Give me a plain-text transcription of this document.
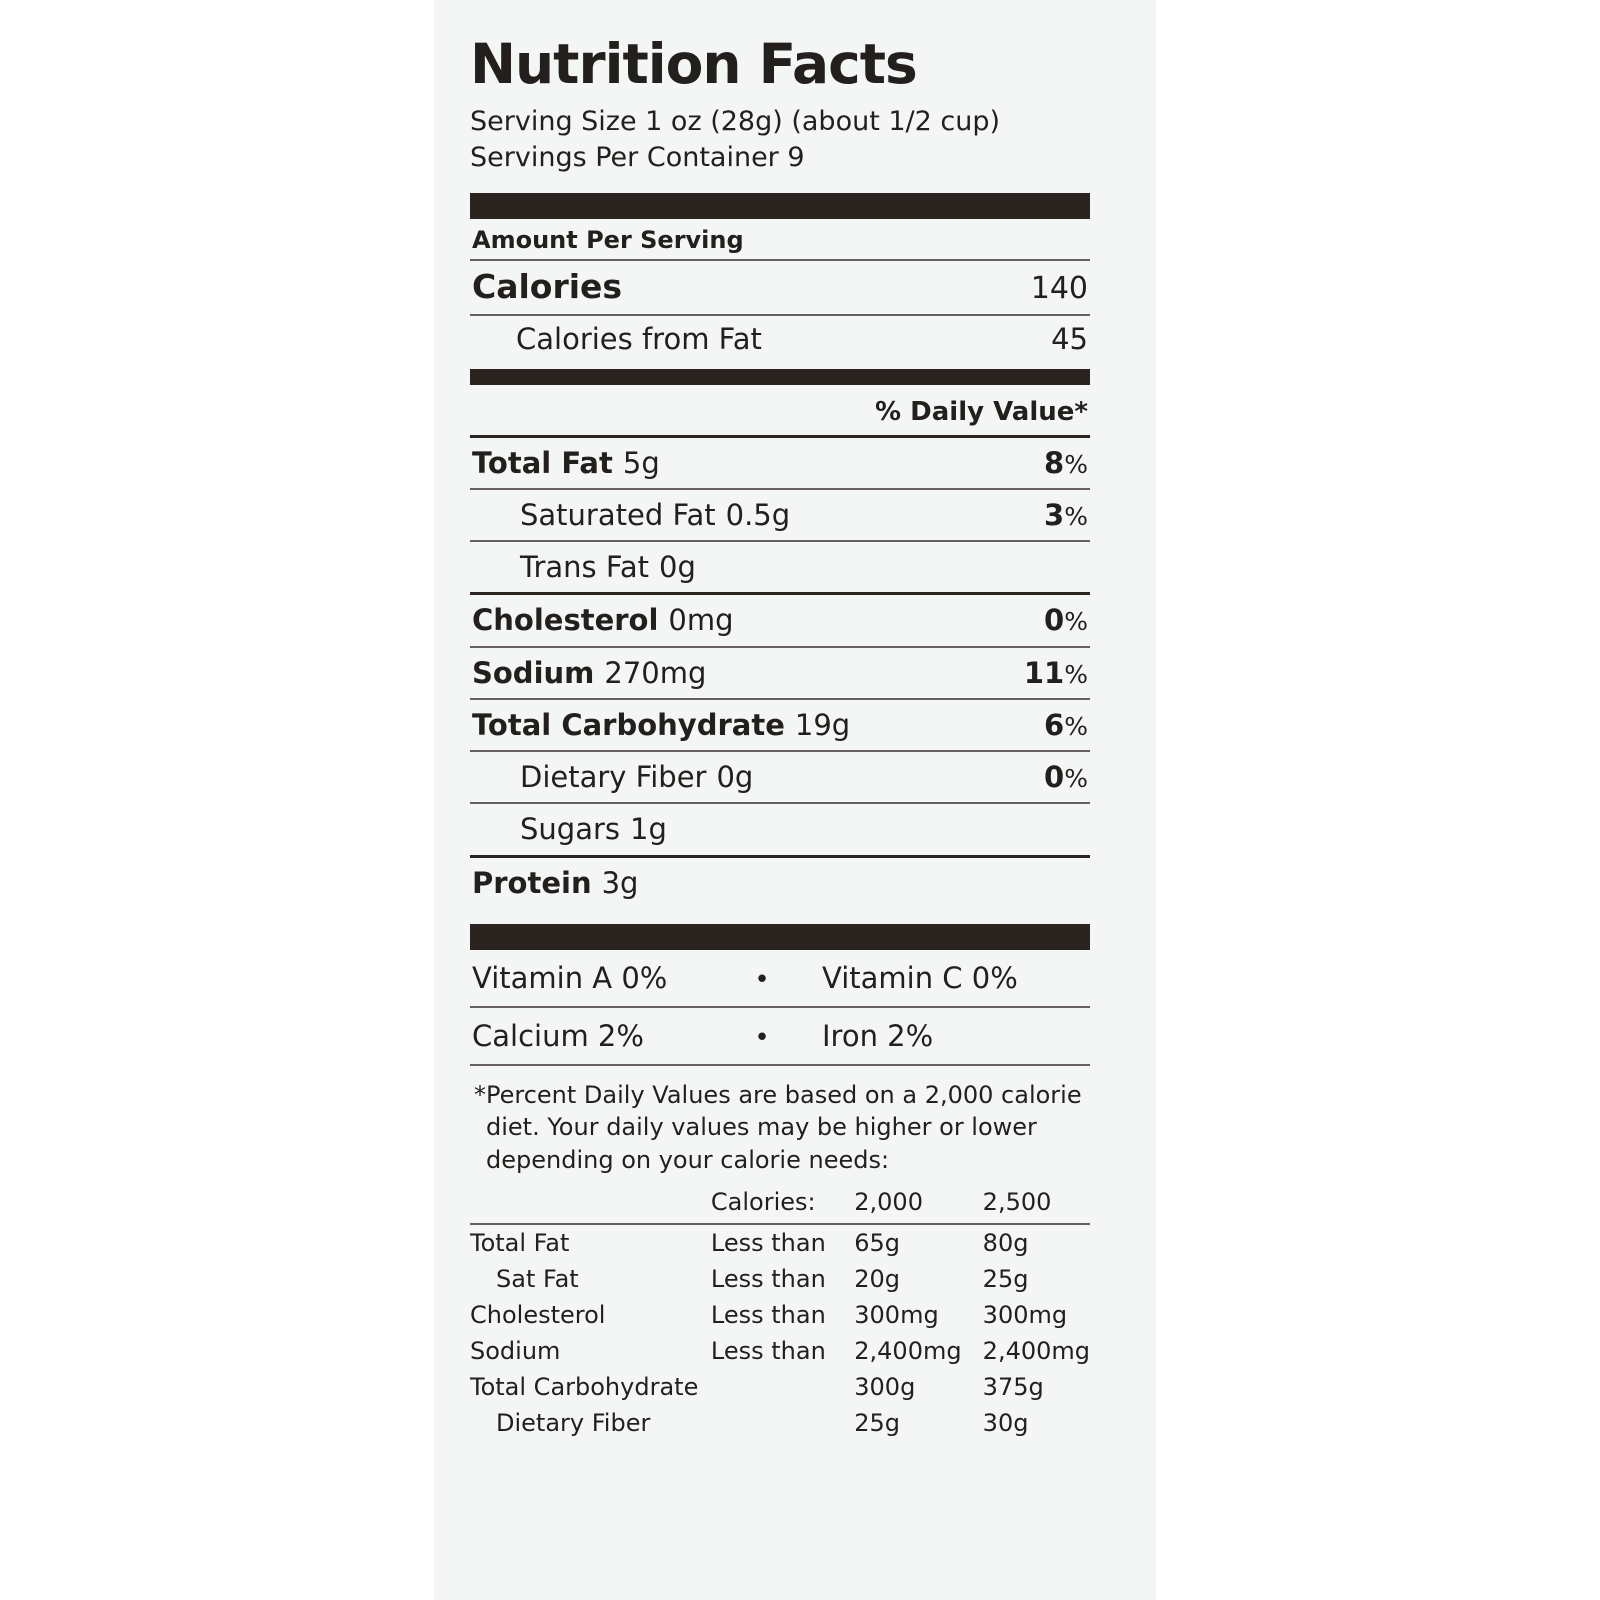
Nutrition Facts
Serving Size 1 oz (28g) (about 1/2 cup)
Servings Per Container 9
Amount Per Serving
Calories	140
Calories from Fat	45
% Daily Value*
Total Fat 5g	8%
Saturated Fat 0.5g	3%
Trans Fat 0g
Cholesterol 0mg	0%
Sodium 270mg	11%
Total Carbohydrate 19g	6%
Dietary Fiber 0g	0%
Sugars 1g
Protein 3g
Vitamin A 0%	•	Vitamin C 0%
Calcium 2%	•	Iron 2%
*Percent Daily Values are based on a 2,000 calorie diet. Your daily values may be higher or lower depending on your calorie needs:
	Calories:	2,000	2,500

Total Fat	Less than	65g	80g
Sat Fat	Less than	20g	25g
Cholesterol	Less than	300mg	300mg
Sodium	Less than	2,400mg	2,400mg
Total Carbohydrate		300g	375g
Dietary Fiber		25g	30g
